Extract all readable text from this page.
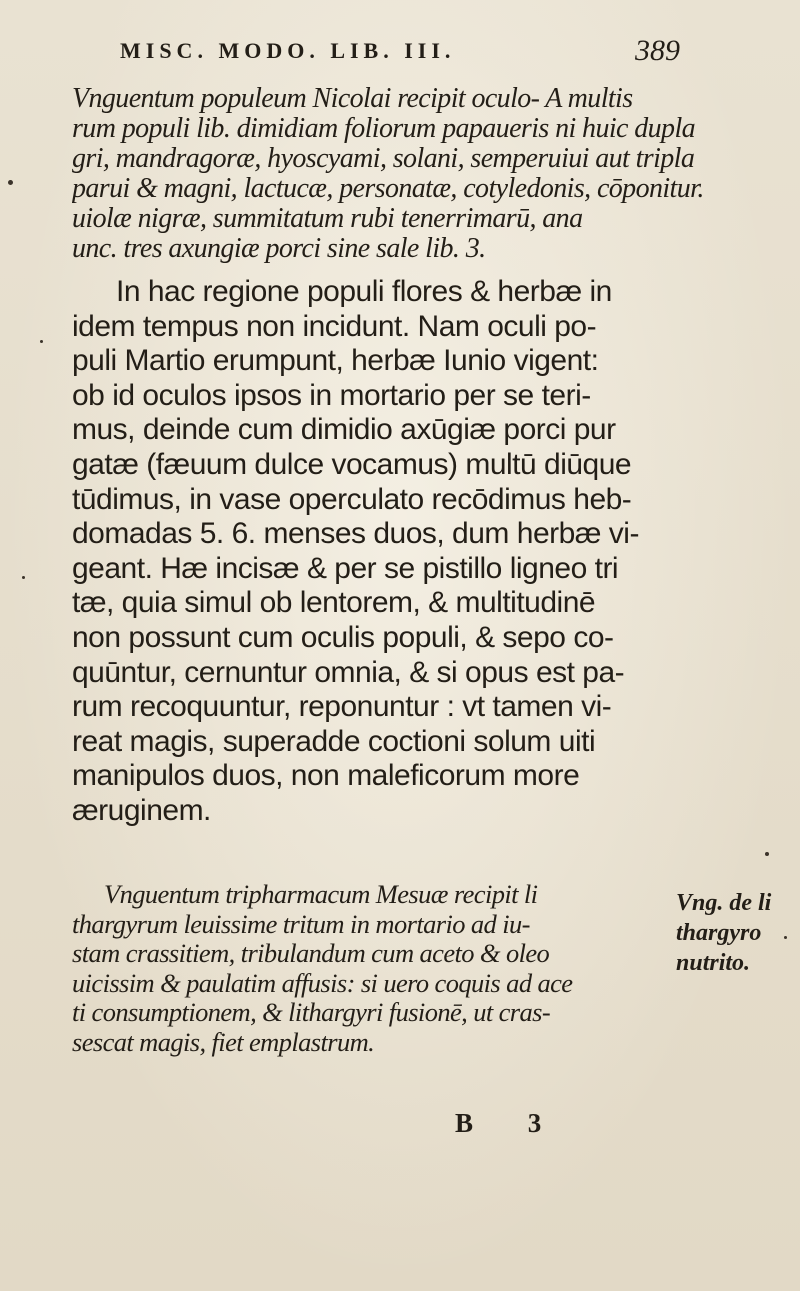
MISC. MODO. LIB. III.	389
Vnguentum populeum Nicolai recipit oculo- A multis
rum populi lib. dimidiam foliorum papaueris ni huic dupla
gri, mandragoræ, hyoscyami, solani, semperuiui aut tripla
parui & magni, lactucæ, personatæ, cotyledonis, cōponitur.
uiolæ nigræ, summitatum rubi tenerrimarū, ana
unc. tres axungiæ porci sine sale lib. 3.
In hac regione populi flores & herbæ in
idem tempus non incidunt. Nam oculi po-
puli Martio erumpunt, herbæ Iunio vigent:
ob id oculos ipsos in mortario per se teri-
mus, deinde cum dimidio axūgiæ porci pur
gatæ (fæuum dulce vocamus) multū diūque
tūdimus, in vase operculato recōdimus heb-
domadas 5. 6. menses duos, dum herbæ vi-
geant. Hæ incisæ & per se pistillo ligneo tri
tæ, quia simul ob lentorem, & multitudinē
non possunt cum oculis populi, & sepo co-
quūntur, cernuntur omnia, & si opus est pa-
rum recoquuntur, reponuntur : vt tamen vi-
reat magis, superadde coctioni solum uiti
manipulos duos, non maleficorum more
æruginem.
Vnguentum tripharmacum Mesuæ recipit li
thargyrum leuissime tritum in mortario ad iu-
stam crassitiem, tribulandum cum aceto & oleo
uicissim & paulatim affusis: si uero coquis ad ace
ti consumptionem, & lithargyri fusionē, ut cras-
sescat magis, fiet emplastrum.
Vng. de li
thargyro
nutrito.
B 3
